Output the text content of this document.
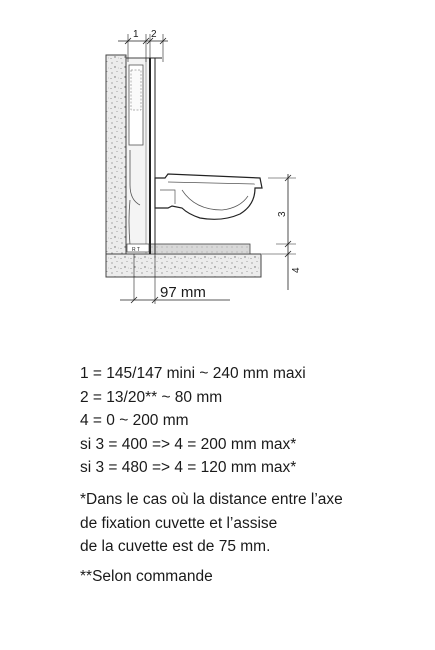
R T
1 2
3
4
97 mm
1 = 145/147 mini ~ 240 mm maxi
2 = 13/20** ~ 80 mm
4 = 0 ~ 200 mm
si 3 = 400 => 4 = 200 mm max*
si 3 = 480 => 4 = 120 mm max*
*Dans le cas où la distance entre l’axe
de fixation cuvette et l’assise
de la cuvette est de 75 mm.
**Selon commande
